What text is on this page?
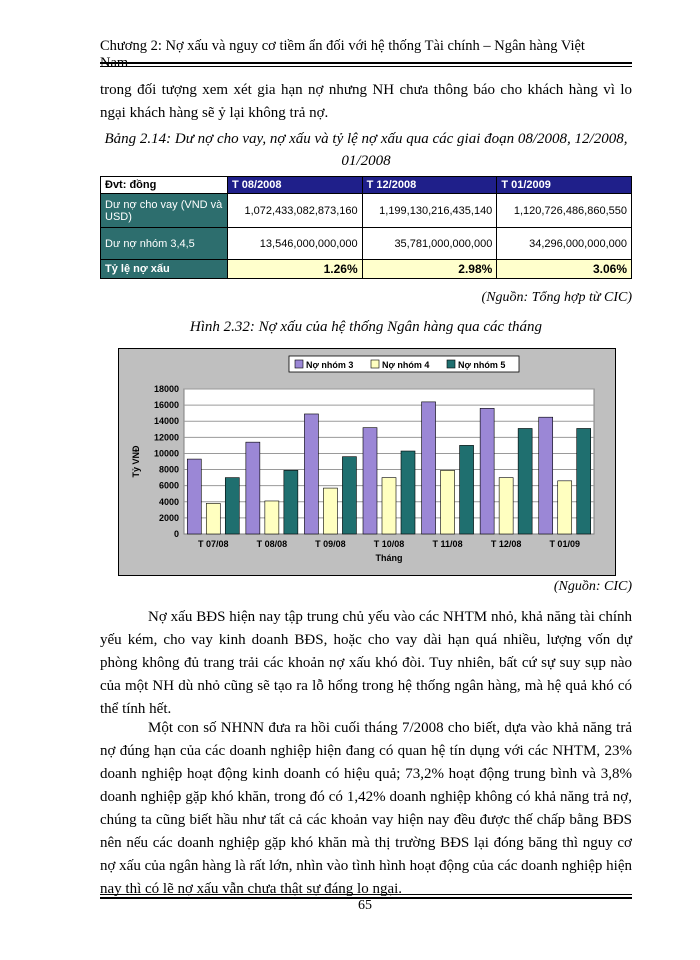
Chương 2: Nợ xấu và nguy cơ tiềm ẩn đối với hệ thống Tài chính – Ngân hàng Việt Nam
trong đối tượng xem xét gia hạn nợ nhưng NH chưa thông báo cho khách hàng vì lo ngại khách hàng sẽ ỷ lại không trả nợ.
Bảng 2.14: Dư nợ cho vay, nợ xấu và tỷ lệ nợ xấu qua các giai đoạn 08/2008, 12/2008, 01/2008
Đvt: đồng	T 08/2008	T 12/2008	T 01/2009
Dư nợ cho vay (VND và USD)	1,072,433,082,873,160	1,199,130,216,435,140	1,120,726,486,860,550
Dư nợ nhóm 3,4,5	13,546,000,000,000	35,781,000,000,000	34,296,000,000,000
Tỷ lệ nợ xấu	1.26%	2.98%	3.06%
(Nguồn: Tổng hợp từ CIC)
Hình 2.32: Nợ xấu của hệ thống Ngân hàng qua các tháng
0
2000
4000
6000
8000
10000
12000
14000
16000
18000
Tỷ VNĐ
T 07/08	T 08/08	T 09/08	T 10/08	T 11/08	T 12/08	T 01/09
Tháng
Nợ nhóm 3	Nợ nhóm 4	Nợ nhóm 5
(Nguồn: CIC)
Nợ xấu BĐS hiện nay tập trung chủ yếu vào các NHTM nhỏ, khả năng tài chính yếu kém, cho vay kinh doanh BĐS, hoặc cho vay dài hạn quá nhiều, lượng vốn dự phòng không đủ trang trải các khoản nợ xấu khó đòi. Tuy nhiên, bất cứ sự suy sụp nào của một NH dù nhỏ cũng sẽ tạo ra lỗ hổng trong hệ thống ngân hàng, mà hệ quả khó có thể tính hết.
Một con số NHNN đưa ra hồi cuối tháng 7/2008 cho biết, dựa vào khả năng trả nợ đúng hạn của các doanh nghiệp hiện đang có quan hệ tín dụng với các NHTM, 23% doanh nghiệp hoạt động kinh doanh có hiệu quả; 73,2% hoạt động trung bình và 3,8% doanh nghiệp gặp khó khăn, trong đó có 1,42% doanh nghiệp không có khả năng trả nợ, chúng ta cũng biết hầu như tất cả các khoản vay hiện nay đều được thế chấp bằng BĐS nên nếu các doanh nghiệp gặp khó khăn mà thị trường BĐS lại đóng băng thì nguy cơ nợ xấu của ngân hàng là rất lớn, nhìn vào tình hình hoạt động của các doanh nghiệp hiện nay thì có lẽ nợ xấu vẫn chưa thật sự đáng lo ngại.
65
